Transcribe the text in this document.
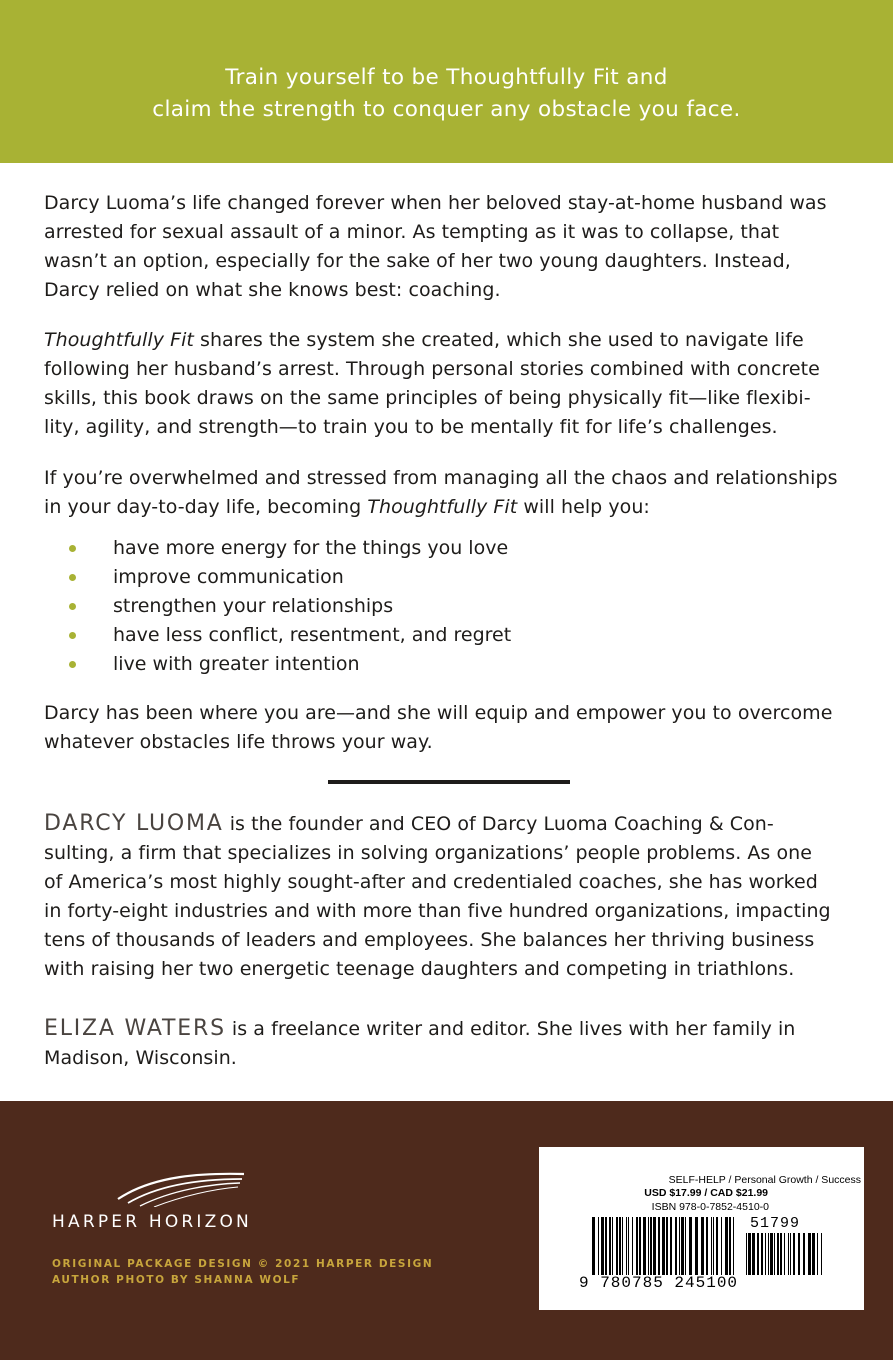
Train yourself to be Thoughtfully Fit and
claim the strength to conquer any obstacle you face.

Darcy Luoma’s life changed forever when her beloved stay-at-home husband was
arrested for sexual assault of a minor. As tempting as it was to collapse, that
wasn’t an option, especially for the sake of her two young daughters. Instead,
Darcy relied on what she knows best: coaching.

Thoughtfully Fit shares the system she created, which she used to navigate life
following her husband’s arrest. Through personal stories combined with concrete
skills, this book draws on the same principles of being physically fit—like flexibi-
lity, agility, and strength—to train you to be mentally fit for life’s challenges.

If you’re overwhelmed and stressed from managing all the chaos and relationships
in your day-to-day life, becoming Thoughtfully Fit will help you:

have more energy for the things you love
improve communication
strengthen your relationships
have less conflict, resentment, and regret
live with greater intention

Darcy has been where you are—and she will equip and empower you to overcome
whatever obstacles life throws your way.

DARCY LUOMA is the founder and CEO of Darcy Luoma Coaching & Con-
sulting, a firm that specializes in solving organizations’ people problems. As one
of America’s most highly sought-after and credentialed coaches, she has worked
in forty-eight industries and with more than five hundred organizations, impacting
tens of thousands of leaders and employees. She balances her thriving business
with raising her two energetic teenage daughters and competing in triathlons.

ELIZA WATERS is a freelance writer and editor. She lives with her family in
Madison, Wisconsin.

HARPER HORIZON
ORIGINAL PACKAGE DESIGN © 2021 HARPER DESIGN
AUTHOR PHOTO BY SHANNA WOLF
SELF-HELP / Personal Growth / Success
USD $17.99 / CAD $21.99
ISBN 978-0-7852-4510-0
51799
9 780785 245100
